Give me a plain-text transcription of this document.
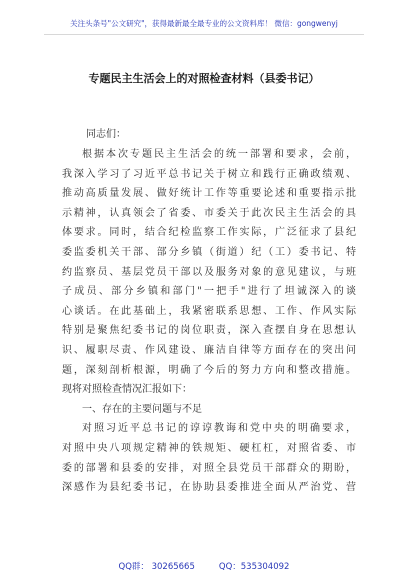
关注头条号"公文研究"，获得最新最全最专业的公文资料库！ 微信：gongwenyj
专题民主生活会上的对照检查材料（县委书记）
同志们：
根据本次专题民主生活会的统一部署和要求，会前，
我深入学习了习近平总书记关于树立和践行正确政绩观、
推动高质量发展、做好统计工作等重要论述和重要指示批
示精神，认真领会了省委、市委关于此次民主生活会的具
体要求。同时，结合纪检监察工作实际，广泛征求了县纪
委监委机关干部、部分乡镇（街道）纪（工）委书记、特
约监察员、基层党员干部以及服务对象的意见建议，与班
子成员、部分乡镇和部门"一把手"进行了坦诚深入的谈
心谈话。在此基础上，我紧密联系思想、工作、作风实际
特别是聚焦纪委书记的岗位职责，深入查摆自身在思想认
识、履职尽责、作风建设、廉洁自律等方面存在的突出问
题，深刻剖析根源，明确了今后的努力方向和整改措施。
现将对照检查情况汇报如下：
一、存在的主要问题与不足
对照习近平总书记的谆谆教诲和党中央的明确要求，
对照中央八项规定精神的铁规矩、硬杠杠，对照省委、市
委的部署和县委的安排，对照全县党员干部群众的期盼，
深感作为县纪委书记，在协助县委推进全面从严治党、营
QQ群： 30265665	QQ：535304092
